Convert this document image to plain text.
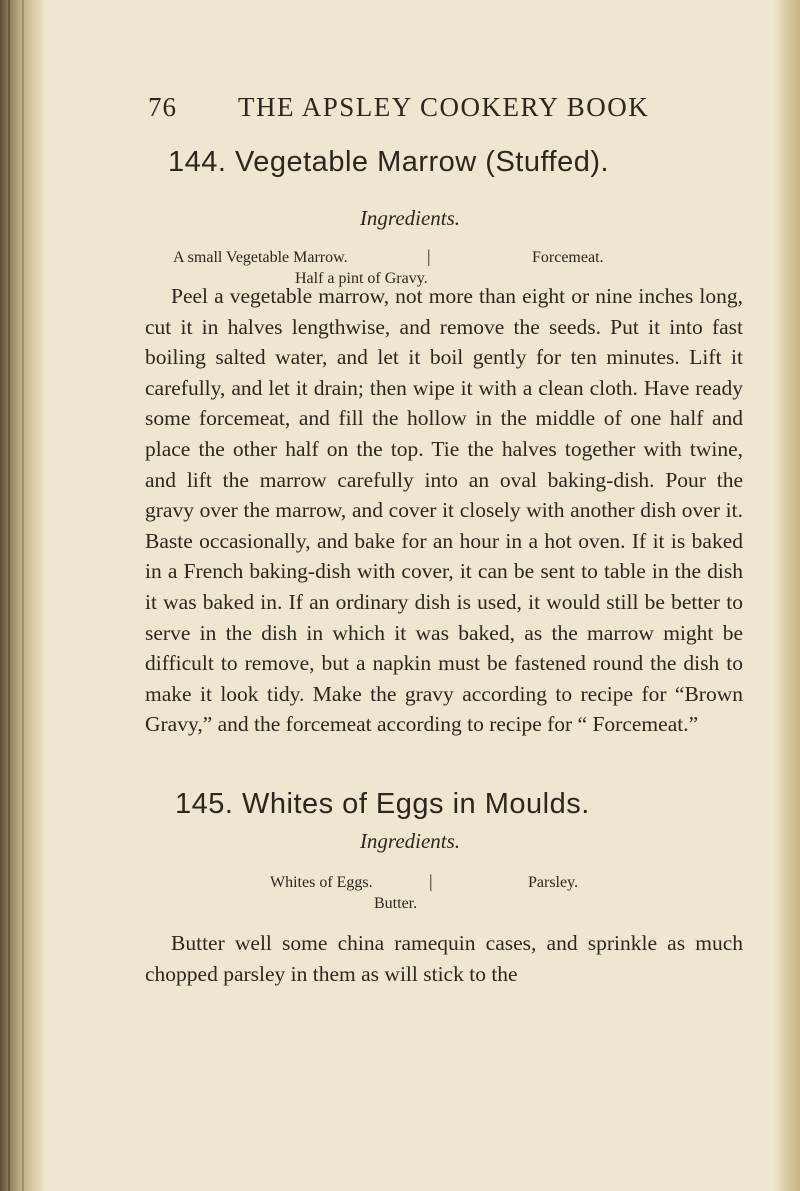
76	THE APSLEY COOKERY BOOK
144. Vegetable Marrow (Stuffed).
Ingredients.
A small Vegetable Marrow.	|	Forcemeat.
Half a pint of Gravy.

Peel a vegetable marrow, not more than eight or nine inches long, cut it in halves lengthwise, and remove the seeds. Put it into fast boiling salted water, and let it boil gently for ten minutes. Lift it carefully, and let it drain; then wipe it with a clean cloth. Have ready some forcemeat, and fill the hollow in the middle of one half and place the other half on the top. Tie the halves together with twine, and lift the marrow carefully into an oval baking-dish. Pour the gravy over the marrow, and cover it closely with another dish over it. Baste occasionally, and bake for an hour in a hot oven. If it is baked in a French baking-dish with cover, it can be sent to table in the dish it was baked in. If an ordinary dish is used, it would still be better to serve in the dish in which it was baked, as the marrow might be difficult to remove, but a napkin must be fastened round the dish to make it look tidy. Make the gravy according to recipe for “Brown Gravy,” and the forcemeat according to recipe for “ Forcemeat.”

145. Whites of Eggs in Moulds.
Ingredients.
Whites of Eggs.	|	Parsley.
Butter.

Butter well some china ramequin cases, and sprinkle as much chopped parsley in them as will stick to the
